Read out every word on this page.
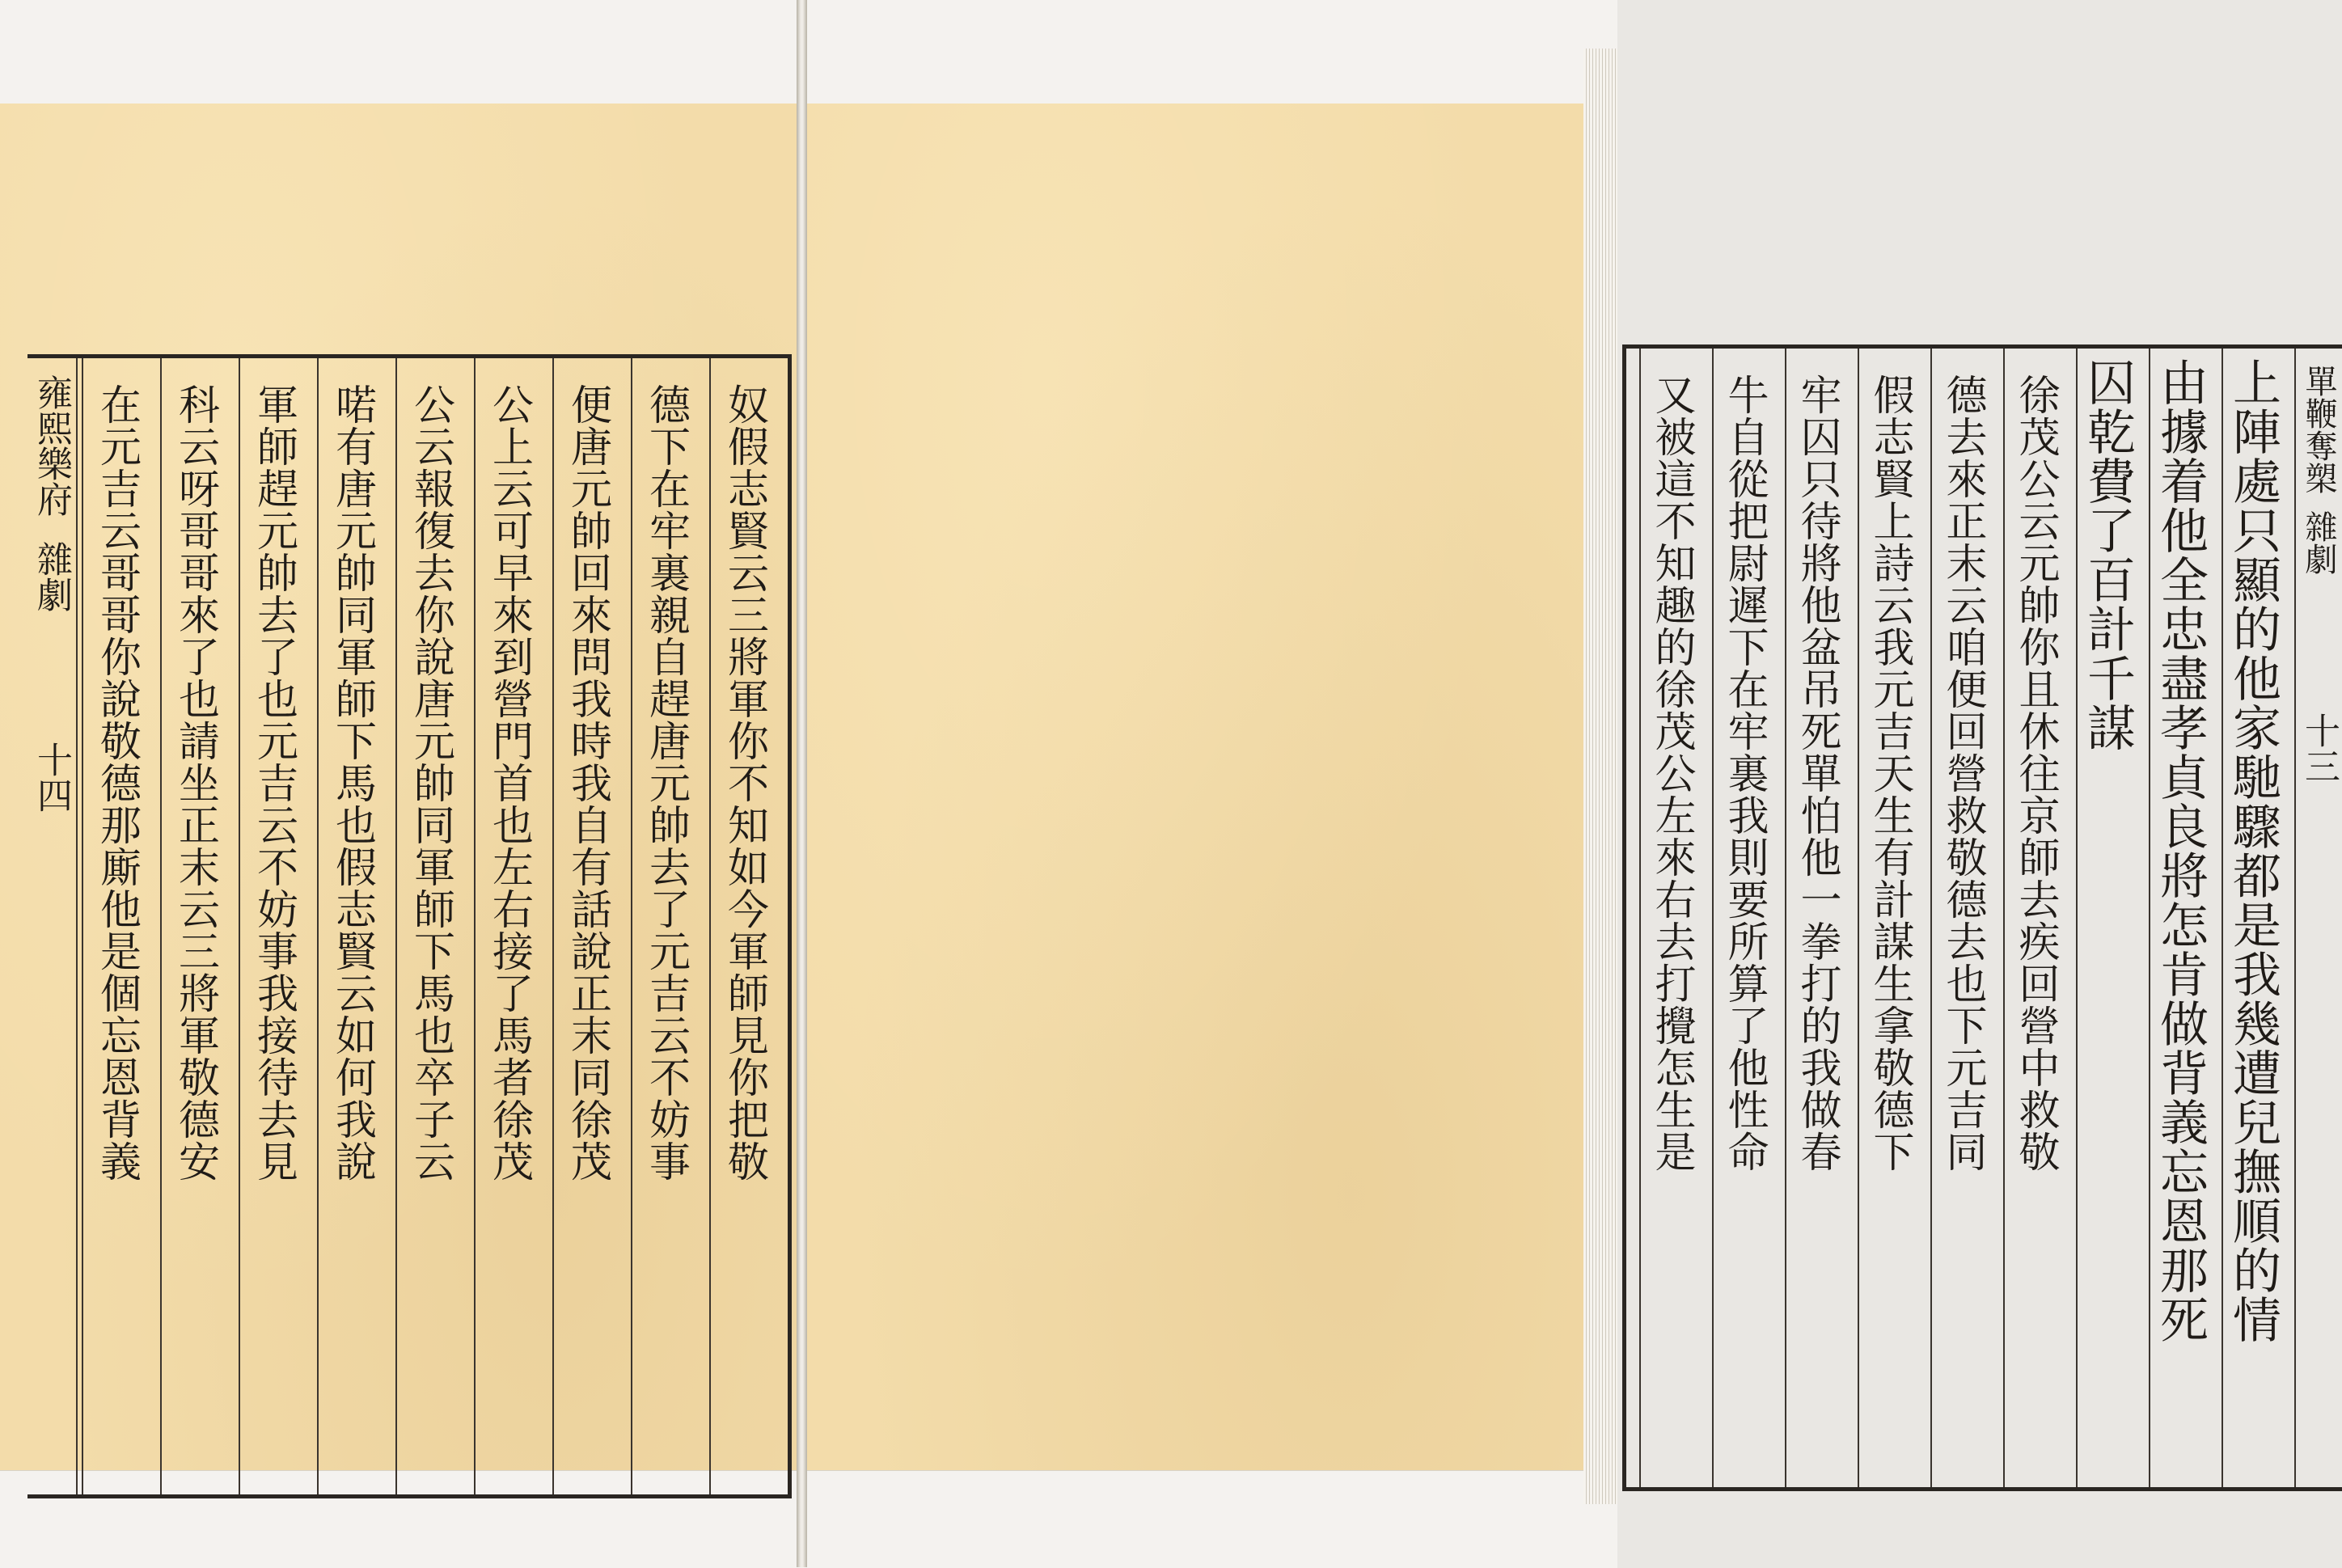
雍熙樂府
雜劇
十四
奴
假
志
賢
云
三
將
軍
你
不
知
如
今
軍
師
見
你
把
敬
德
下
在
牢
裏
親
自
趕
唐
元
帥
去
了
元
吉
云
不
妨
事
便
唐
元
帥
回
來
問
我
時
我
自
有
話
說
正
末
同
徐
茂
公
上
云
可
早
來
到
營
門
首
也
左
右
接
了
馬
者
徐
茂
公
云
報
復
去
你
說
唐
元
帥
同
軍
師
下
馬
也
卒
子
云
喏
有
唐
元
帥
同
軍
師
下
馬
也
假
志
賢
云
如
何
我
說
軍
師
趕
元
帥
去
了
也
元
吉
云
不
妨
事
我
接
待
去
見
科
云
呀
哥
哥
來
了
也
請
坐
正
末
云
三
將
軍
敬
德
安
在
元
吉
云
哥
哥
你
說
敬
德
那
廝
他
是
個
忘
恩
背
義
單鞭奪槊
雜劇
十三
上
陣
處
只
顯
的
他
家
馳
驟
都
是
我
幾
遭
兒
撫
順
的
情
由
據
着
他
全
忠
盡
孝
貞
良
將
怎
肯
做
背
義
忘
恩
那
死
囚
乾
費
了
百
計
千
謀
徐
茂
公
云
元
帥
你
且
休
往
京
師
去
疾
回
營
中
救
敬
德
去
來
正
末
云
咱
便
回
營
救
敬
德
去
也
下
元
吉
同
假
志
賢
上
詩
云
我
元
吉
天
生
有
計
謀
生
拿
敬
德
下
牢
囚
只
待
將
他
盆
吊
死
單
怕
他
一
拳
打
的
我
做
春
牛
自
從
把
尉
遲
下
在
牢
裏
我
則
要
所
算
了
他
性
命
又
被
這
不
知
趣
的
徐
茂
公
左
來
右
去
打
攪
怎
生
是
